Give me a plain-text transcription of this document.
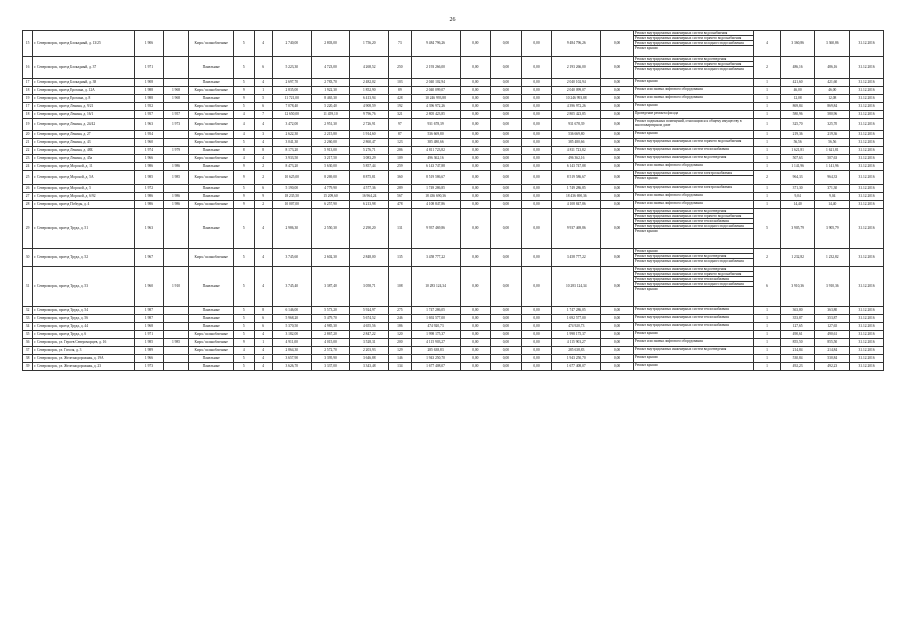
26
15	г. Североморск, проезд Блокадный, д. 13/25	1 906		Кирп./ шлакоблочные	5	4	2 740,00	2 803,00	1 756,20	73	9 484 796,26	0,00	0,00	0,00	9 484 796,26	0,00	Ремонт внутридомовых инженерных систем водоснабжения
Ремонт внутридомовых инженерных систем горячего водоснабжения
Ремонт внутридомовых инженерных систем холодного водоснабжения
Ремонт крыши	4	3 360,86	3 360,86	31.12.2016
16	г. Североморск, проезд Блокадный, д. 37	1 971		Панельные	5	6	5 223,30	4 723,00	4 268,52	250	2 193 266,00	0,00	0,00	0,00	2 193 266,00	0,00	Ремонт внутридомовых инженерных систем водоотведения
Ремонт внутридомовых инженерных систем горячего водоснабжения
Ремонт внутридомовых инженерных систем холодного водоснабжения	2	486,16	486,16	31.12.2016
17	г. Североморск, проезд Блокадный, д. 38	1 908		Панельные	5	4	2 697,70	2 783,70	2 482,02	103	2 040 102,94	0,00	0,00	0,00	2 040 102,94	0,00	Ремонт крыши	1	421,60	421,60	31.12.2016
18	г. Североморск, проезд Ерохина, д. 12А	1 988	1 968	Кирп./ шлакоблочные	9	1	2 835,00	1 922,30	1 852,90	89	2 040 099,07	0,00	0,00	0,00	2 040 099,07	0,00	Ремонт или замена лифтового оборудования	1	46,00	46,00	31.12.2016
19	г. Североморск, проезд Ерохина, д. 8	1 988	1 968	Панельные	9	5	11 721,00	8 465,30	6 413,94	428	10 246 993,88	0,00	0,00	0,00	10 246 993,88	0,00	Ремонт или замена лифтового оборудования	1	12,08	12,08	31.12.2016
17	г. Североморск, проезд Ленина, д. 9/21	1 952		Кирп./ шлакоблочные	5	6	7 078,40	5 220,40	4 908,59	192	4 396 972,26	0,00	0,00	0,00	4 396 972,26	0,00	Ремонт крыши	1	869,84	869,84	31.12.2016
18	г. Североморск, проезд Ленина, д. 16/1	1 957	1 957	Кирп./ шлакоблочные	4	7	12 650,00	11 459,10	9 796,76	321	2 805 423,85	0,00	0,00	0,00	2 805 423,85	0,00	Проведение ремонта фасада	1	580,96	580,96	31.12.2016
19	г. Североморск, проезд Ленина, д. 24/42	1 963	1 973	Кирп./ шлакоблочные	4	4	3 472,00	2 951,30	2 726,91	97	931 678,39	0,00	0,00	0,00	931 678,39	0,00	Ремонт подвальных помещений, относящихся к общему имуществу в многоквартирном доме	1	325,70	325,70	31.12.2016
20	г. Североморск, проезд Ленина, д. 27	1 954		Кирп./ шлакоблочные	4	3	2 622,30	2 215,80	1 914,60	87	536 669,80	0,00	0,00	0,00	536 669,80	0,00	Ремонт крыши	1	219,36	219,36	31.12.2016
21	г. Североморск, проезд Ленина, д. 43	1 960		Кирп./ шлакоблочные	5	4	3 041,30	2 260,00	2 860,47	123	385 480,66	0,00	0,00	0,00	385 480,66	0,00	Ремонт внутридомовых инженерных систем горячего водоснабжения	1	56,56	56,56	31.12.2016
22	г. Североморск, проезд Ленина, д. 48Б	1 974	1 979	Панельные	8	8	8 173,20	5 913,00	5 276,71	286	4 811 723,82	0,00	0,00	0,00	4 811 723,82	0,00	Ремонт внутридомовых инженерных систем теплоснабжения	1	1 621,81	1 621,81	31.12.2016
23	г. Североморск, проезд Ленина, д. 45а	1 966		Кирп./ шлакоблочные	4	4	3 933,50	3 217,50	3 083,29	109	496 362,16	0,00	0,00	0,00	496 362,16	0,00	Ремонт внутридомовых инженерных систем водоотведения	1	507,63	507,63	31.12.2016
24	г. Североморск, проезд Морской, д. 11	1 986	1 986	Панельные	9	2	8 473,20	5 630,00	5 857,44	259	6 143 747,88	0,00	0,00	0,00	6 143 747,88	0,00	Ремонт или замена лифтового оборудования	1	1 141,96	1 141,96	31.12.2016
25	г. Североморск, проезд Морской, д. 5А	1 985	1 985	Кирп./ шлакоблочные	9	2	10 625,00	8 269,00	8 875,81	360	8 519 586,67	0,00	0,00	0,00	8 519 586,67	0,00	Ремонт внутридомовых инженерных систем электроснабжения
Ремонт крыши	2	964,33	964,33	31.12.2016
26	г. Североморск, проезд Морской, д. 5	1 972		Панельные	5	6	5 190,00	4 779,90	4 577,36	289	1 749 286,85	0,00	0,00	0,00	1 749 286,85	0,00	Ремонт внутридомовых инженерных систем электроснабжения	1	371,30	371,30	31.12.2016
27	г. Североморск, проезд Морской, д. 6/92	1 986	1 986	Панельные	9	9	18 235,50	15 209,60	16 964,24	567	18 436 690,36	0,00	0,00	0,00	18 436 690,36	0,00	Ремонт или замена лифтового оборудования	1	9,04	9,04	31.12.2016
28	г. Североморск, проезд Победы, д. 4	1 986	1 986	Кирп./ шлакоблочные	9	2	10 007,00	6 257,90	6 213,98	478	4 108 847,86	0,00	0,00	0,00	4 108 847,86	0,00	Ремонт или замена лифтового оборудования	1	14,40	14,40	31.12.2016
29	г. Североморск, проезд Труда, д. 51	1 963		Панельные	5	4	2 986,30	2 550,30	2 290,20	131	9 937 469,86	0,00	0,00	0,00	9 937 469,86	0,00	Ремонт внутридомовых инженерных систем водоотведения
Ремонт внутридомовых инженерных систем горячего водоснабжения
Ремонт внутридомовых инженерных систем теплоснабжения
Ремонт внутридомовых инженерных систем холодного водоснабжения
Ремонт крыши	5	3 905,79	3 905,79	31.12.2016
30	г. Североморск, проезд Труда, д. 52	1 967		Кирп./ шлакоблочные	5	4	3 745,60	2 602,30	2 848,00	135	3 458 777,22	0,00	0,00	0,00	3 458 777,22	0,00	Ремонт крыши
Ремонт внутридомовых инженерных систем водоотведения
Ремонт внутридомовых инженерных систем холодного водоснабжения	2	1 232,82	1 232,82	31.12.2016
31	г. Североморск, проезд Труда, д. 53	1 960	1 910	Панельные	5	4	3 745,40	3 387,40	3 058,71	108	10 283 124,34	0,00	0,00	0,00	10 283 124,34	0,00	Ремонт внутридомовых инженерных систем водоотведения
Ремонт внутридомовых инженерных систем горячего водоснабжения
Ремонт внутридомовых инженерных систем теплоснабжения
Ремонт внутридомовых инженерных систем холодного водоснабжения
Ремонт крыши	6	3 910,36	3 910,36	31.12.2016
32	г. Североморск, проезд Труда, д. 54	1 987		Панельные	5	8	6 146,00	5 573,20	5 924,97	275	1 747 286,05	0,00	0,00	0,00	1 747 286,05	0,00	Ремонт внутридомовых инженерных систем теплоснабжения	1	363,80	363,80	31.12.2016
33	г. Североморск, проезд Труда, д. 56	1 987		Панельные	5	6	5 968,20	5 479,70	5 674,52	246	1 692 577,00	0,00	0,00	0,00	1 692 577,00	0,00	Ремонт внутридомовых инженерных систем теплоснабжения	1	353,87	353,87	31.12.2016
34	г. Североморск, проезд Труда, д. 44	1 968		Панельные	5	6	5 370,50	4 985,30	4 655,56	186	474 920,73	0,00	0,00	0,00	474 920,73	0,00	Ремонт внутридомовых инженерных систем теплоснабжения	1	127,65	127,65	31.12.2016
35	г. Североморск, проезд Труда, д. 6	1 971		Кирп./ шлакоблочные	5	4	3 182,00	2 867,20	2 847,22	120	1 998 175,37	0,00	0,00	0,00	1 998 175,37	0,00	Ремонт крыши	1	490,61	490,61	31.12.2016
36	г. Североморск, ул. Героев Североморцев, д. 16	1 985	1 985	Кирп./ шлакоблочные	9	1	4 911,00	4 015,00	3 528,31	200	4 115 903,27	0,00	0,00	0,00	4 115 903,27	0,00	Ремонт или замена лифтового оборудования	1	855,50	855,50	31.12.2016
37	г. Североморск, ул. Гоголя, д. 3	1 989		Кирп./ шлакоблочные	4	4	2 864,30	2 572,70	2 203,93	129	285 638,83	0,00	0,00	0,00	285 638,83	0,00	Ремонт внутридомовых инженерных систем водоотведения	1	214,84	214,84	31.12.2016
38	г. Североморск, ул. Железнодорожная, д. 19А	1 966		Панельные	5	4	3 657,90	3 395,90	3 646,88	146	1 943 250,70	0,00	0,00	0,00	1 943 250,70	0,00	Ремонт крыши	1	530,84	530,84	31.12.2016
39	г. Североморск, ул. Железнодорожная, д. 23	1 973		Панельные	5	4	3 626,70	3 337,00	3 343,48	134	1 677 408,07	0,00	0,00	0,00	1 677 408,07	0,00	Ремонт крыши	1	492,23	492,23	31.12.2016
